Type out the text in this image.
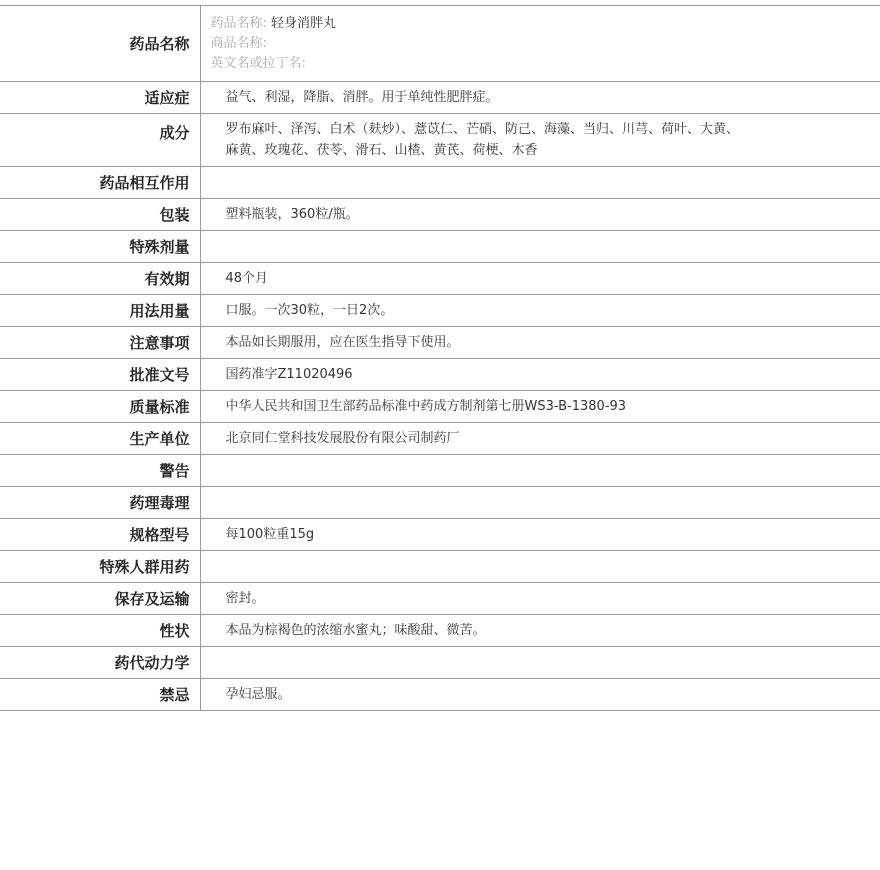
药品名称	药品名称: 轻身消胖丸
商品名称:
英文名或拉丁名:

适应症	益气、利湿，降脂、消胖。用于单纯性肥胖症。
成分	罗布麻叶、泽泻、白术（麸炒）、薏苡仁、芒硝、防己、海藻、当归、川芎、荷叶、大黄、
麻黄、玫瑰花、茯苓、滑石、山楂、黄芪、荷梗、木香

药品相互作用	
包装	塑料瓶装，360粒/瓶。
特殊剂量	
有效期	48个月
用法用量	口服。一次30粒，一日2次。
注意事项	本品如长期服用，应在医生指导下使用。
批准文号	国药准字Z11020496
质量标准	中华人民共和国卫生部药品标准中药成方制剂第七册WS3-B-1380-93
生产单位	北京同仁堂科技发展股份有限公司制药厂
警告	
药理毒理	
规格型号	每100粒重15g
特殊人群用药	
保存及运输	密封。
性状	本品为棕褐色的浓缩水蜜丸；味酸甜、微苦。
药代动力学	
禁忌	孕妇忌服。
